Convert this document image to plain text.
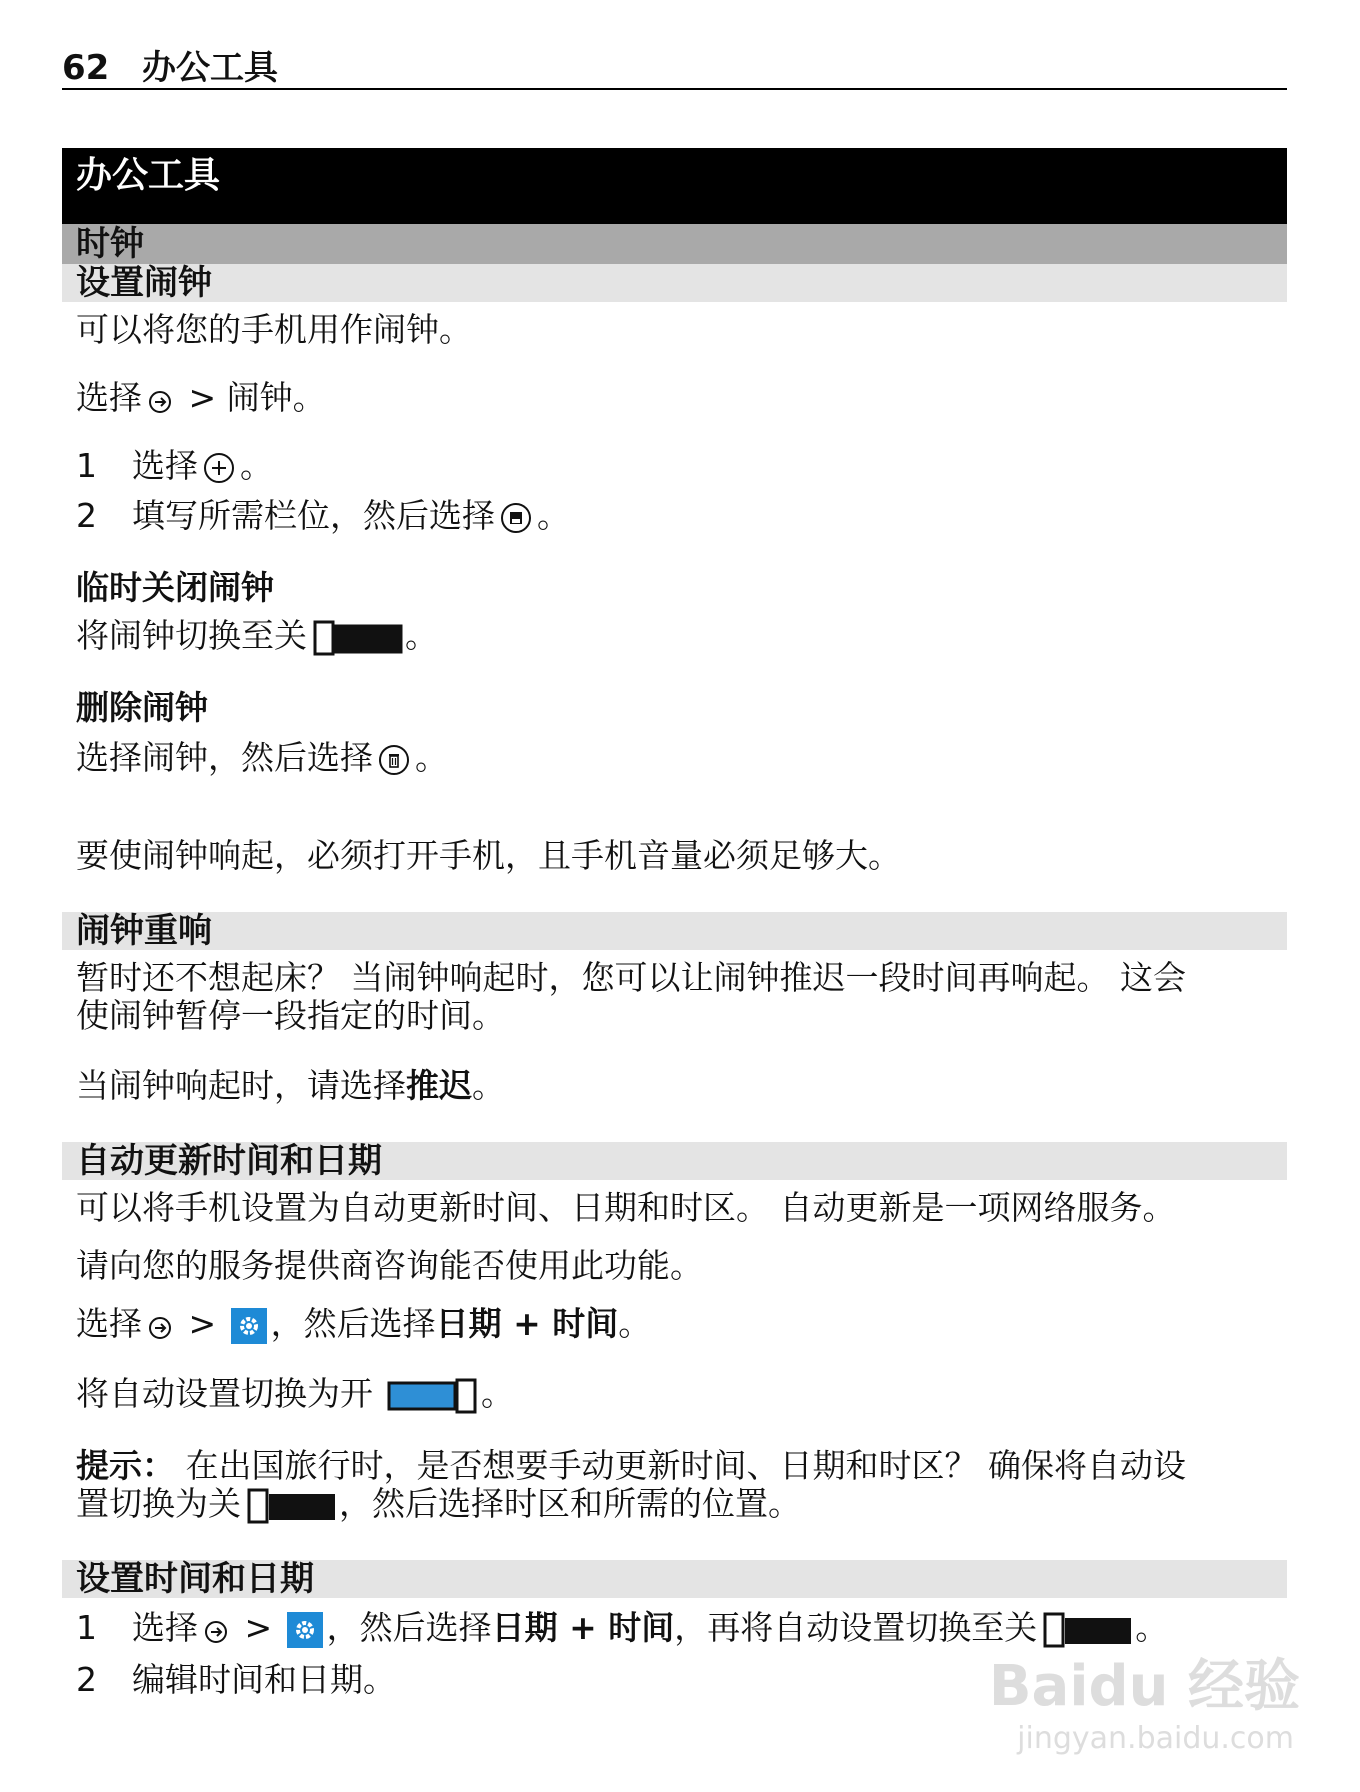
62 办公工具
办公工具
时钟
设置闹钟
可以将您的手机用作闹钟。
选择
> 闹钟。
1 选择 。
2 填写所需栏位，然后选择 。
临时关闭闹钟
将闹钟切换至关	。
删除闹钟
选择闹钟，然后选择 。
要使闹钟响起，必须打开手机，且手机音量必须足够大。
闹钟重响
暂时还不想起床？ 当闹钟响起时，您可以让闹钟推迟一段时间再响起。 这会
使闹钟暂停一段指定的时间。
当闹钟响起时，请选择推迟。
自动更新时间和日期
可以将手机设置为自动更新时间、日期和时区。 自动更新是一项网络服务。
请向您的服务提供商咨询能否使用此功能。
选择
>
，然后选择日期 + 时间。
将自动设置切换为开	。
提示： 在出国旅行时，是否想要手动更新时间、日期和时区？ 确保将自动设
置切换为关	，然后选择时区和所需的位置。
设置时间和日期
1 选择
>
，然后选择日期 + 时间，再将自动设置切换至关	。
2 编辑时间和日期。	Baidu 经验
jingyan.baidu.com
